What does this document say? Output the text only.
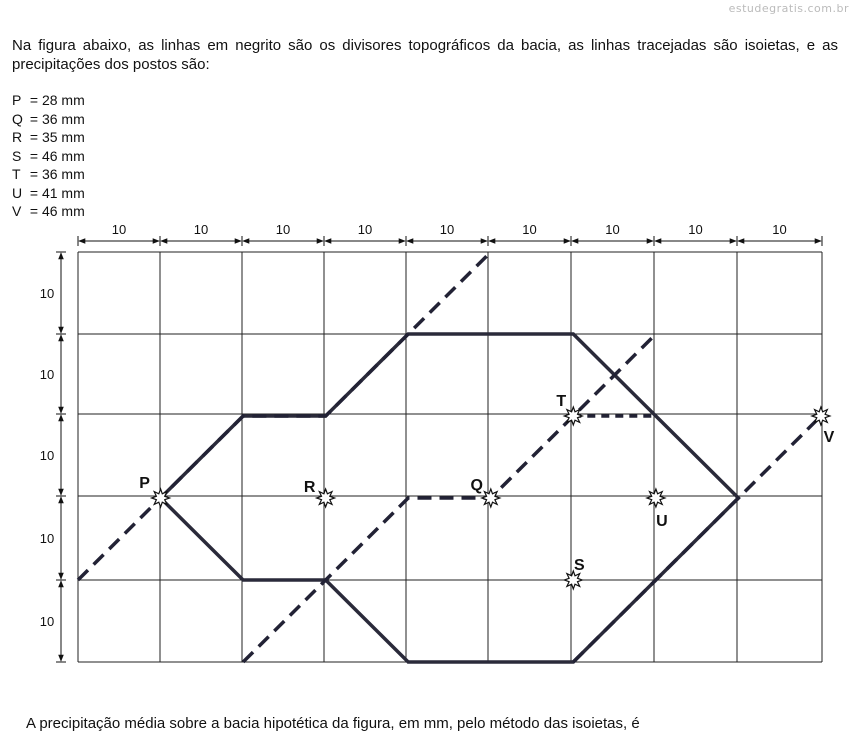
estudegratis.com.br

Na figura abaixo, as linhas em negrito são os divisores topográficos da bacia, as linhas tracejadas são isoietas, e as precipitações dos postos são:

P = 28 mm
Q = 36 mm
R = 35 mm
S = 46 mm
T = 36 mm
U = 41 mm
V = 46 mm
10	10	10	10	10	10	10	10	10
10
10
10
10
10
P	R	Q
T
U
S
V

A precipitação média sobre a bacia hipotética da figura, em mm, pelo método das isoietas, é
